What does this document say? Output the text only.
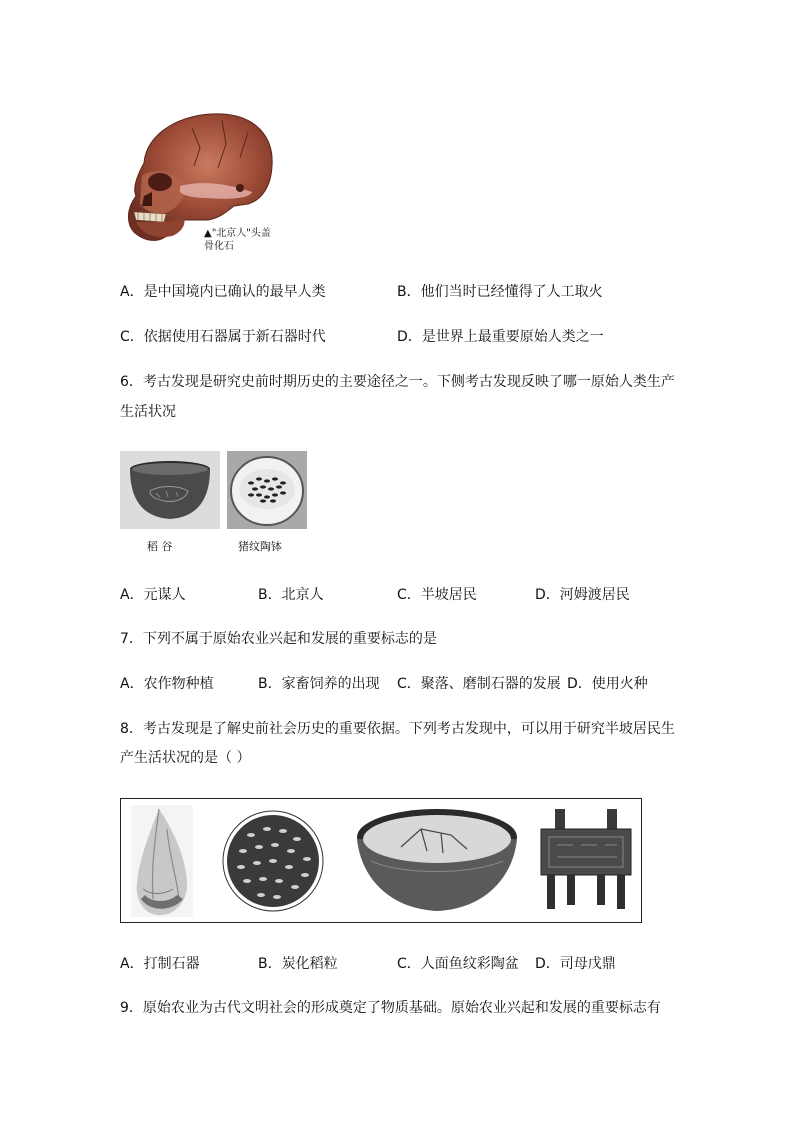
▲"北京人"头盖
骨化石
A．是中国境内已确认的最早人类	B．他们当时已经懂得了人工取火
C．依据使用石器属于新石器时代	D．是世界上最重要原始人类之一
6．考古发现是研究史前时期历史的主要途径之一。下侧考古发现反映了哪一原始人类生产
生活状况
稻 谷	猪纹陶钵
A．元谋人	B．北京人	C．半坡居民	D．河姆渡居民
7．下列不属于原始农业兴起和发展的重要标志的是
A．农作物种植	B．家畜饲养的出现 C．聚落、磨制石器的发展 D．使用火种
8．考古发现是了解史前社会历史的重要依据。下列考古发现中，可以用于研究半坡居民生
产生活状况的是（ ）
A．打制石器	B．炭化稻粒	C．人面鱼纹彩陶盆 D．司母戊鼎
9．原始农业为古代文明社会的形成奠定了物质基础。原始农业兴起和发展的重要标志有
